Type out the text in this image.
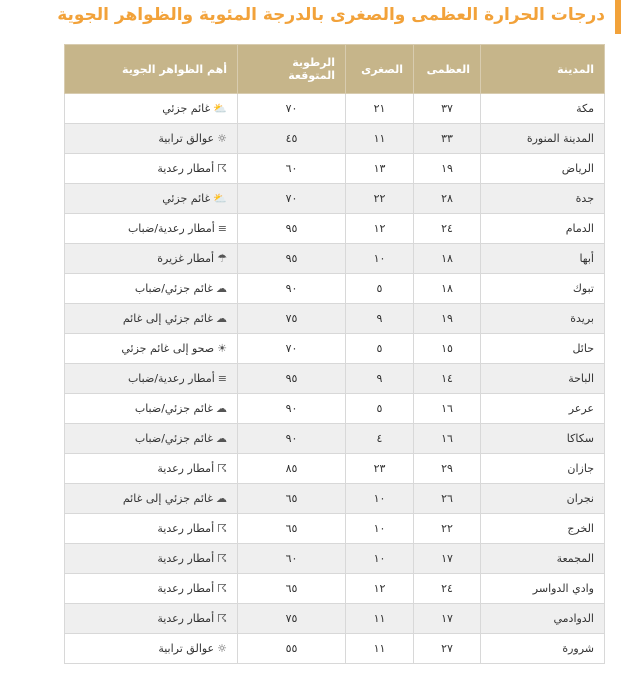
درجات الحرارة العظمى والصغرى بالدرجة المئوية والظواهر الجوية
المدينة	العظمى	الصغرى	الرطوبة المتوقعة	أهم الظواهر الجوية
مكة	٣٧	٢١	٧٠	⛅غائم جزئي
المدينة المنورة	٣٣	١١	٤٥	☼عوالق ترابية
الرياض	١٩	١٣	٦٠	☈أمطار رعدية
جدة	٢٨	٢٢	٧٠	⛅غائم جزئي
الدمام	٢٤	١٢	٩٥	≡أمطار رعدية/ضباب
أبها	١٨	١٠	٩٥	☂أمطار غزيرة
تبوك	١٨	٥	٩٠	☁غائم جزئي/ضباب
بريدة	١٩	٩	٧٥	☁غائم جزئي إلى غائم
حائل	١٥	٥	٧٠	☀صحو إلى غائم جزئي
الباحة	١٤	٩	٩٥	≡أمطار رعدية/ضباب
عرعر	١٦	٥	٩٠	☁غائم جزئي/ضباب
سكاكا	١٦	٤	٩٠	☁غائم جزئي/ضباب
جازان	٢٩	٢٣	٨٥	☈أمطار رعدية
نجران	٢٦	١٠	٦٥	☁غائم جزئي إلى غائم
الخرج	٢٢	١٠	٦٥	☈أمطار رعدية
المجمعة	١٧	١٠	٦٠	☈أمطار رعدية
وادي الدواسر	٢٤	١٢	٦٥	☈أمطار رعدية
الدوادمي	١٧	١١	٧٥	☈أمطار رعدية
شرورة	٢٧	١١	٥٥	☼عوالق ترابية
